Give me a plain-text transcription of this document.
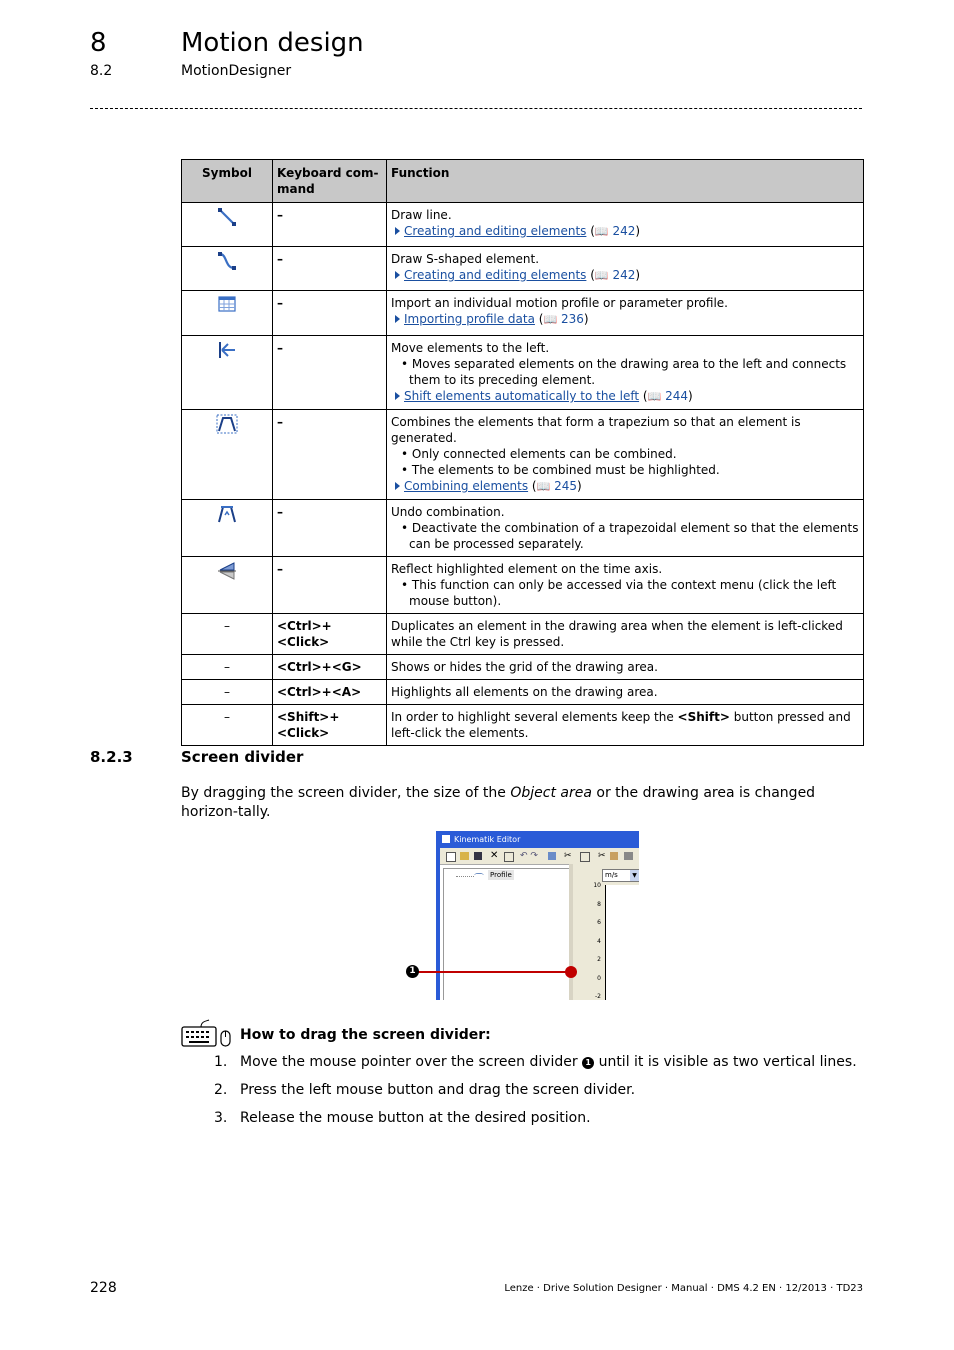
8	Motion design
8.2	MotionDesigner
Symbol	Keyboard com-mand	Function
	–	Draw line.
Creating and editing elements (📖 242)

	–	Draw S-shaped element.
Creating and editing elements (📖 242)

	–	Import an individual motion profile or parameter profile.
Importing profile data (📖 236)

	–	Move elements to the left.
• Moves separated elements on the drawing area to the left and connects them to its preceding element.
Shift elements automatically to the left (📖 244)

	–	Combines the elements that form a trapezium so that an element is generated.
• Only connected elements can be combined.
• The elements to be combined must be highlighted.
Combining elements (📖 245)

	–	Undo combination.
• Deactivate the combination of a trapezoidal element so that the elements can be processed separately.

	–	Reflect highlighted element on the time axis.
• This function can only be accessed via the context menu (click the left mouse button).

–	<Ctrl>+<Click>	Duplicates an element in the drawing area when the element is left-clicked while the Ctrl key is pressed.

–	<Ctrl>+<G>	Shows or hides the grid of the drawing area.

–	<Ctrl>+<A>	Highlights all elements on the drawing area.

–	<Shift>+<Click>	In order to highlight several elements keep the <Shift> button pressed and left-click the elements.
8.2.3	Screen divider
By dragging the screen divider, the size of the Object area or the drawing area is changed horizon-tally.
Kinematik Editor
✕ ↶ ↷	✂	✂
⌒ Profile	m/s	▼
10
8
6
4
2
0
-2
1
How to drag the screen divider:
1. Move the mouse pointer over the screen divider 1 until it is visible as two vertical lines.
2. Press the left mouse button and drag the screen divider.
3. Release the mouse button at the desired position.
228	Lenze · Drive Solution Designer · Manual · DMS 4.2 EN · 12/2013 · TD23
